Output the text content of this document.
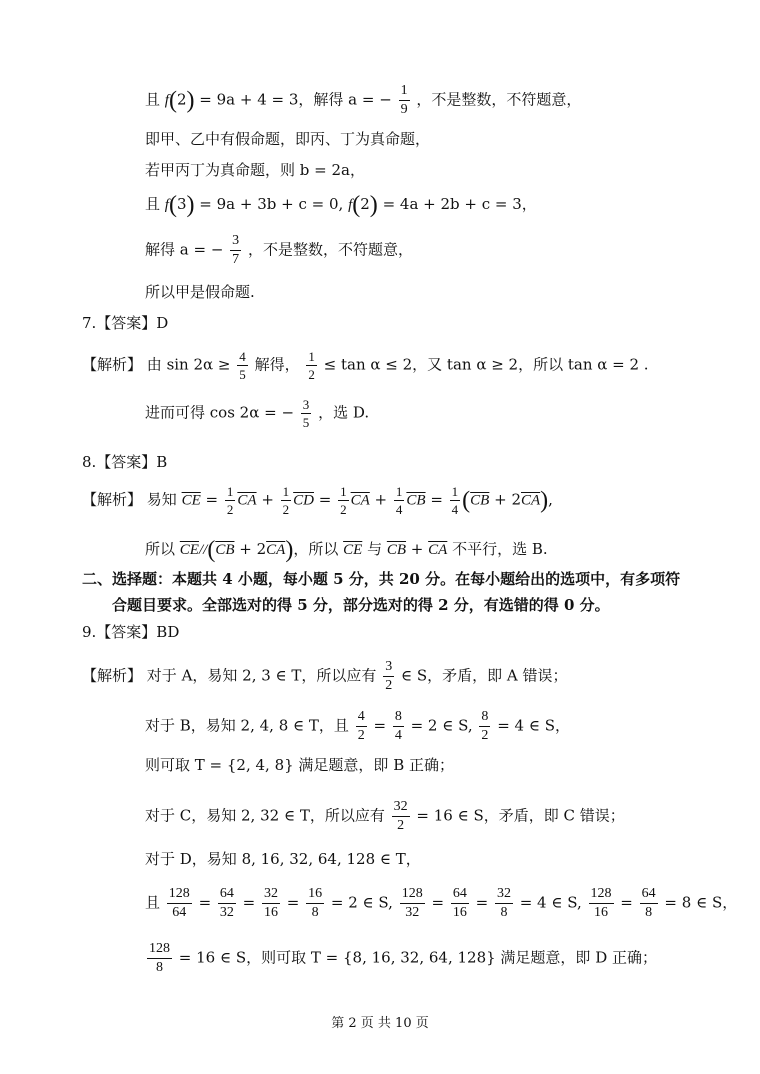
且 f(2) = 9a + 4 = 3，解得 a = − $\frac{1}{9}$ ，不是整数，不符题意，
即甲、乙中有假命题，即丙、丁为真命题，
若甲丙丁为真命题，则 b = 2a，
且 f(3) = 9a + 3b + c = 0, f(2) = 4a + 2b + c = 3，
解得 a = − $\frac{3}{7}$ ，不是整数，不符题意，
所以甲是假命题.
7.【答案】D
【解析】 由 $\sin 2\alpha \ge \frac{4}{5}$ 解得， $\frac{1}{2} \le \tan \alpha \le 2$，又 tan α ≥ 2，所以 tan α = 2 .
进而可得 cos 2α = − $\frac{3}{5}$ ，选 D.
8.【答案】B
【解析】 易知 $\overline{CE} = \frac{1}{2} \overline{CA} + \frac{1}{2} \overline{CD} = \frac{1}{2} \overline{CA} + \frac{1}{4} \overline{CB} = \frac{1}{4} (\overline{CB} + 2\overline{CA})$,
所以 $\overline{CE}//(\overline{CB} + 2\overline{CA})$，所以 $\overline{CE}$ 与 $\overline{CB} + \overline{CA}$ 不平行，选 B.
二、选择题：本题共 4 小题，每小题 5 分，共 20 分。在每小题给出的选项中，有多项符
合题目要求。全部选对的得 5 分，部分选对的得 2 分，有选错的得 0 分。
9.【答案】BD
【解析】 对于 A，易知 2, 3 ∈ T，所以应有 $\frac{3}{2}$ ∈ S，矛盾，即 A 错误；
对于 B，易知 2, 4, 8 ∈ T，且 $\frac{4}{2} = \frac{8}{4} = 2$ ∈ S, $\frac{8}{2} = 4$ ∈ S，
则可取 T = {2, 4, 8} 满足题意，即 B 正确；
对于 C，易知 2, 32 ∈ T，所以应有 $\frac{32}{2} = 16$ ∈ S，矛盾，即 C 错误；
对于 D，易知 8, 16, 32, 64, 128 ∈ T，
且 $\frac{128}{64} = \frac{64}{32} = \frac{32}{16} = \frac{16}{8} = 2$ ∈ S, $\frac{128}{32} = \frac{64}{16} = \frac{32}{8} = 4$ ∈ S, $\frac{128}{16} = \frac{64}{8} = 8$ ∈ S，
$\frac{128}{8} = 16$ ∈ S，则可取 T = {8, 16, 32, 64, 128} 满足题意，即 D 正确；
第 2 页 共 10 页
